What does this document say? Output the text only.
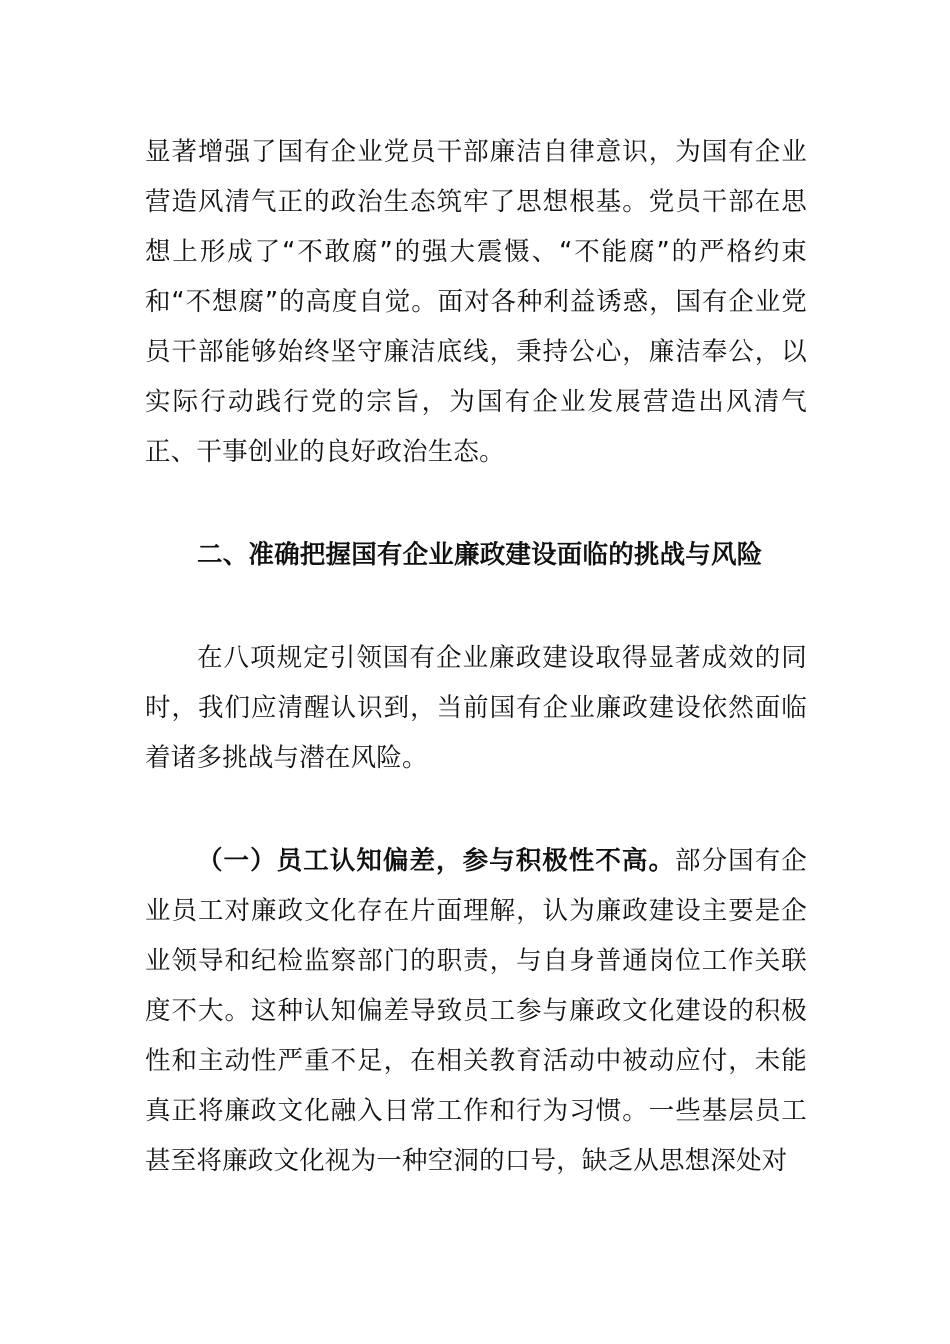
显著增强了国有企业党员干部廉洁自律意识，为国有企业营造风清气正的政治生态筑牢了思想根基。党员干部在思想上形成了“不敢腐”的强大震慑、“不能腐”的严格约束和“不想腐”的高度自觉。面对各种利益诱惑，国有企业党员干部能够始终坚守廉洁底线，秉持公心，廉洁奉公，以实际行动践行党的宗旨，为国有企业发展营造出风清气正、干事创业的良好政治生态。

二、准确把握国有企业廉政建设面临的挑战与风险

在八项规定引领国有企业廉政建设取得显著成效的同时，我们应清醒认识到，当前国有企业廉政建设依然面临着诸多挑战与潜在风险。

（一）员工认知偏差，参与积极性不高。部分国有企业员工对廉政文化存在片面理解，认为廉政建设主要是企业领导和纪检监察部门的职责，与自身普通岗位工作关联度不大。这种认知偏差导致员工参与廉政文化建设的积极性和主动性严重不足，在相关教育活动中被动应付，未能真正将廉政文化融入日常工作和行为习惯。一些基层员工甚至将廉政文化视为一种空洞的口号，缺乏从思想深处对
